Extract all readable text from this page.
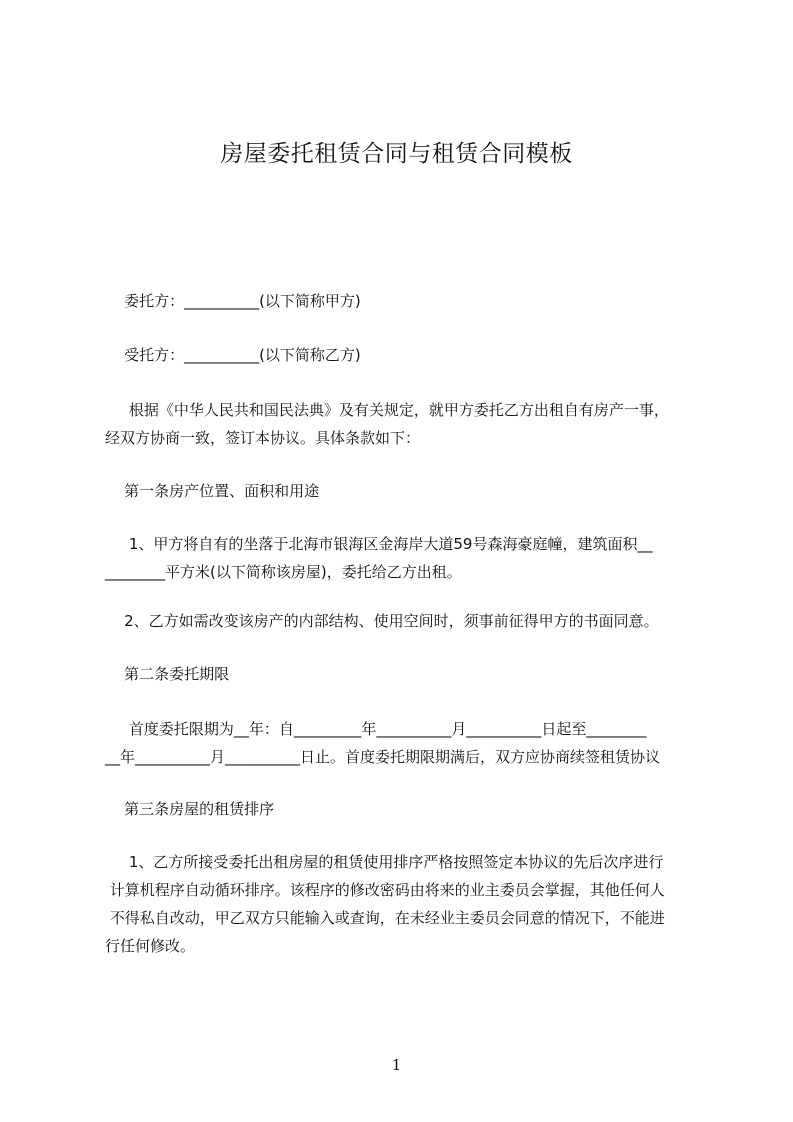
房屋委托租赁合同与租赁合同模板
委托方：__________(以下简称甲方)
受托方：__________(以下简称乙方)
根据《中华人民共和国民法典》及有关规定，就甲方委托乙方出租自有房产一事，
经双方协商一致，签订本协议。具体条款如下：
第一条房产位置、面积和用途
1、甲方将自有的坐落于北海市银海区金海岸大道59号森海豪庭幢，建筑面积__
________平方米(以下简称该房屋)，委托给乙方出租。
2、乙方如需改变该房产的内部结构、使用空间时，须事前征得甲方的书面同意。
第二条委托期限
首度委托限期为__年：自_________年__________月__________日起至________
__年__________月__________日止。首度委托期限期满后，双方应协商续签租赁协议
第三条房屋的租赁排序
1、乙方所接受委托出租房屋的租赁使用排序严格按照签定本协议的先后次序进行
计算机程序自动循环排序。该程序的修改密码由将来的业主委员会掌握，其他任何人
不得私自改动，甲乙双方只能输入或查询，在未经业主委员会同意的情况下，不能进
行任何修改。
1
